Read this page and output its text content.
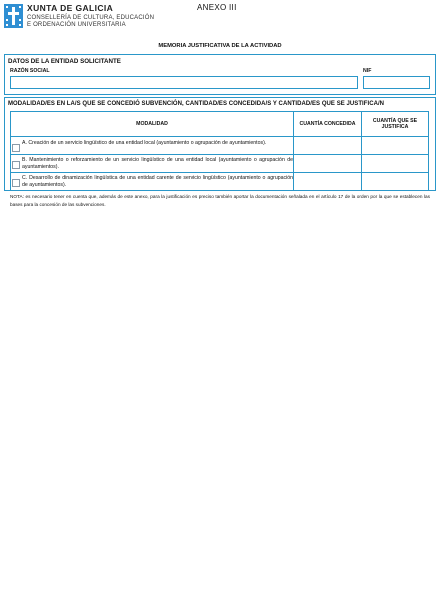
XUNTA DE GALICIA
CONSELLERÍA DE CULTURA, EDUCACIÓN
E ORDENACIÓN UNIVERSITARIA
ANEXO III
MEMORIA JUSTIFICATIVA DE LA ACTIVIDAD
DATOS DE LA ENTIDAD SOLICITANTE
RAZÓN SOCIAL	NIF
MODALIDAD/ES EN LA/S QUE SE CONCEDIÓ SUBVENCIÓN, CANTIDAD/ES CONCEDIDA/S Y CANTIDAD/ES QUE SE JUSTIFICA/N
MODALIDAD	CUANTÍA CONCEDIDA	CUANTÍA QUE SE JUSTIFICA

A. Creación de un servicio lingüístico de una entidad local (ayuntamiento o agrupación de ayuntamientos).		

B. Mantenimiento o reforzamiento de un servicio lingüístico de una entidad local (ayuntamiento o agrupación de ayuntamientos).		

C. Desarrollo de dinamización lingüística de una entidad carente de servicio lingüístico (ayuntamiento o agrupación de ayuntamientos).		

NOTA: es necesario tener en cuenta que, además de este anexo, para la justificación es preciso también aportar la documentación señalada en el artículo 17 de la orden por la que se establecen las bases para la concesión de las subvenciones.
